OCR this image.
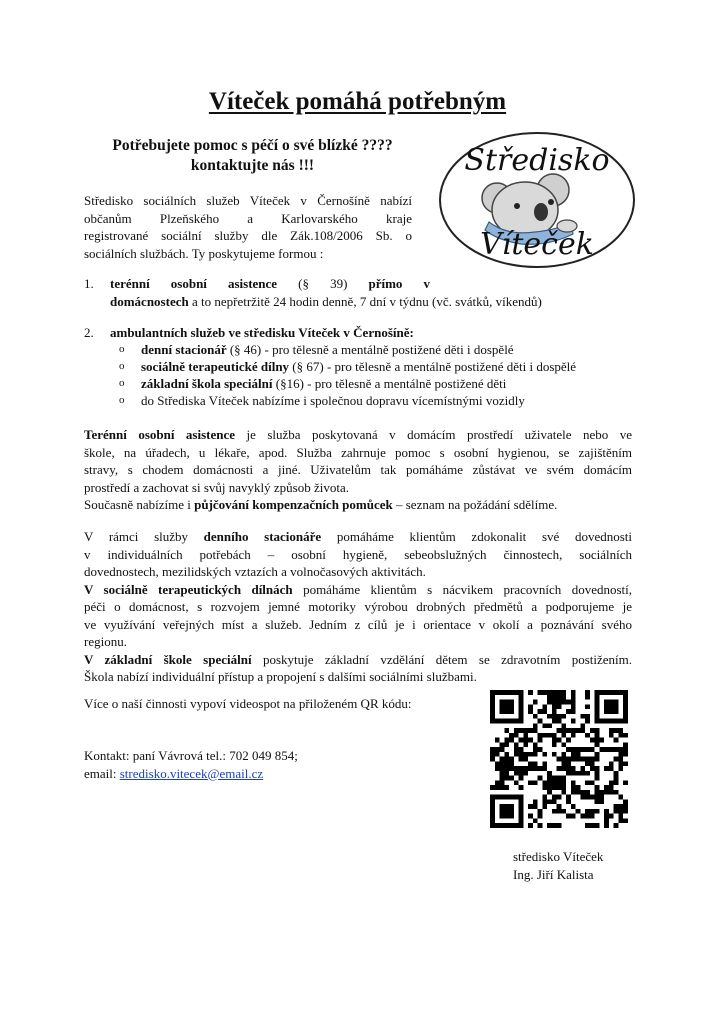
Víteček pomáhá potřebným
Potřebujete pomoc s péčí o své blízké ????
kontaktujte nás !!!	Středisko
Víteček
Středisko sociálních služeb Víteček v Černošíně nabízí
občanům Plzeňského a Karlovarského kraje
registrované sociální služby dle Zák.108/2006 Sb. o
sociálních službách. Ty poskytujeme formou :
1. terénní osobní asistence (§ 39) přímo v
domácnostech a to nepřetržitě 24 hodin denně, 7 dní v týdnu (vč. svátků, víkendů)
2. ambulantních služeb ve středisku Víteček v Černošíně:
o denní stacionář (§ 46) - pro tělesně a mentálně postižené děti i dospělé
o sociálně terapeutické dílny (§ 67) - pro tělesně a mentálně postižené děti i dospělé
o základní škola speciální (§16) - pro tělesně a mentálně postižené děti
o do Střediska Víteček nabízíme i společnou dopravu vícemístnými vozidly
Terénní osobní asistence je služba poskytovaná v domácím prostředí uživatele nebo ve
škole, na úřadech, u lékaře, apod. Služba zahrnuje pomoc s osobní hygienou, se zajištěním
stravy, s chodem domácnosti a jiné. Uživatelům tak pomáháme zůstávat ve svém domácím
prostředí a zachovat si svůj navyklý způsob života.
Současně nabízíme i půjčování kompenzačních pomůcek – seznam na požádání sdělíme.
V rámci služby denního stacionáře pomáháme klientům zdokonalit své dovednosti
v individuálních potřebách – osobní hygieně, sebeobslužných činnostech, sociálních
dovednostech, mezilidských vztazích a volnočasových aktivitách.
V sociálně terapeutických dílnách pomáháme klientům s nácvikem pracovních dovedností,
péči o domácnost, s rozvojem jemné motoriky výrobou drobných předmětů a podporujeme je
ve využívání veřejných míst a služeb. Jedním z cílů je i orientace v okolí a poznávání svého
regionu.
V základní škole speciální poskytuje základní vzdělání dětem se zdravotním postižením.
Škola nabízí individuální přístup a propojení s dalšími sociálními službami.
Více o naší činnosti vypoví videospot na přiloženém QR kódu:
Kontakt: paní Vávrová tel.: 702 049 854;
email: stredisko.vitecek@email.cz
středisko Víteček
Ing. Jiří Kalista
